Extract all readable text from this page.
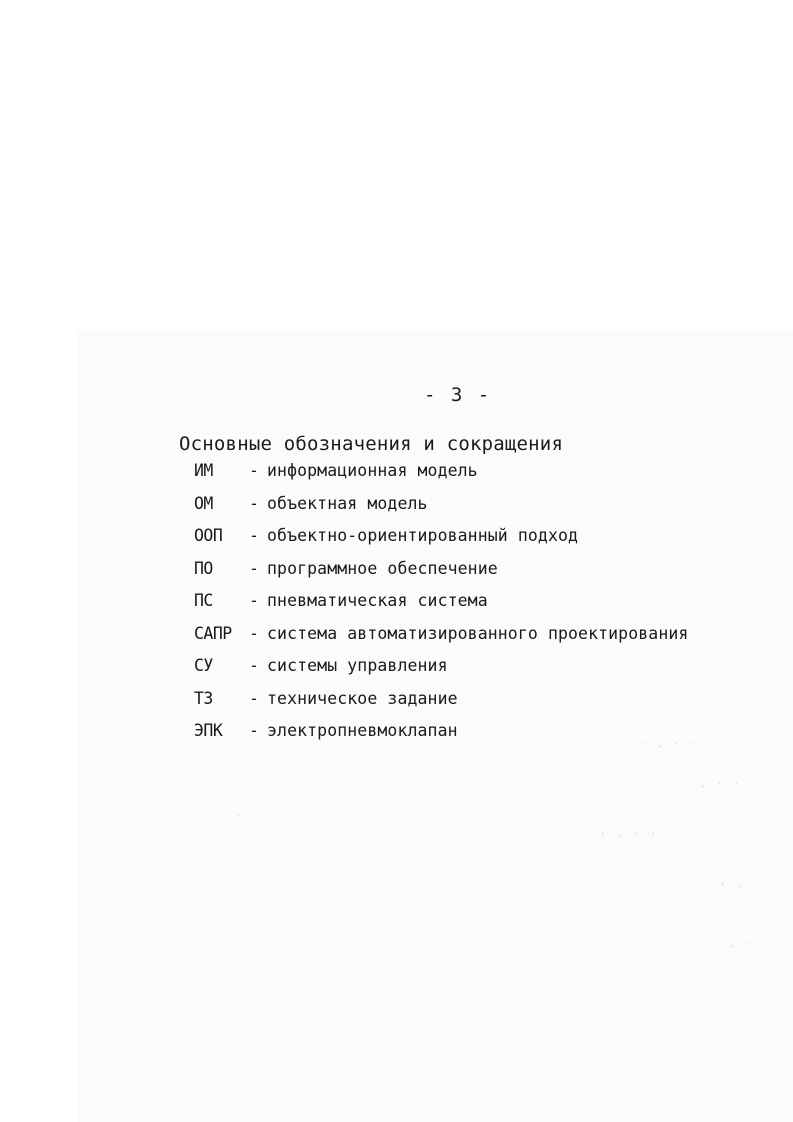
- 3 -
Основные обозначения и сокращения
ИМ	- информационная модель
ОМ	- объектная модель
ООП	- объектно-ориентированный подход
ПО	- программное обеспечение
ПС	- пневматическая система
САПР	- система автоматизированного проектирования
СУ	- системы управления
ТЗ	- техническое задание
ЭПК	- электропневмоклапан
· . · ·
. · ·
· . · ·
· .
. ·
·
